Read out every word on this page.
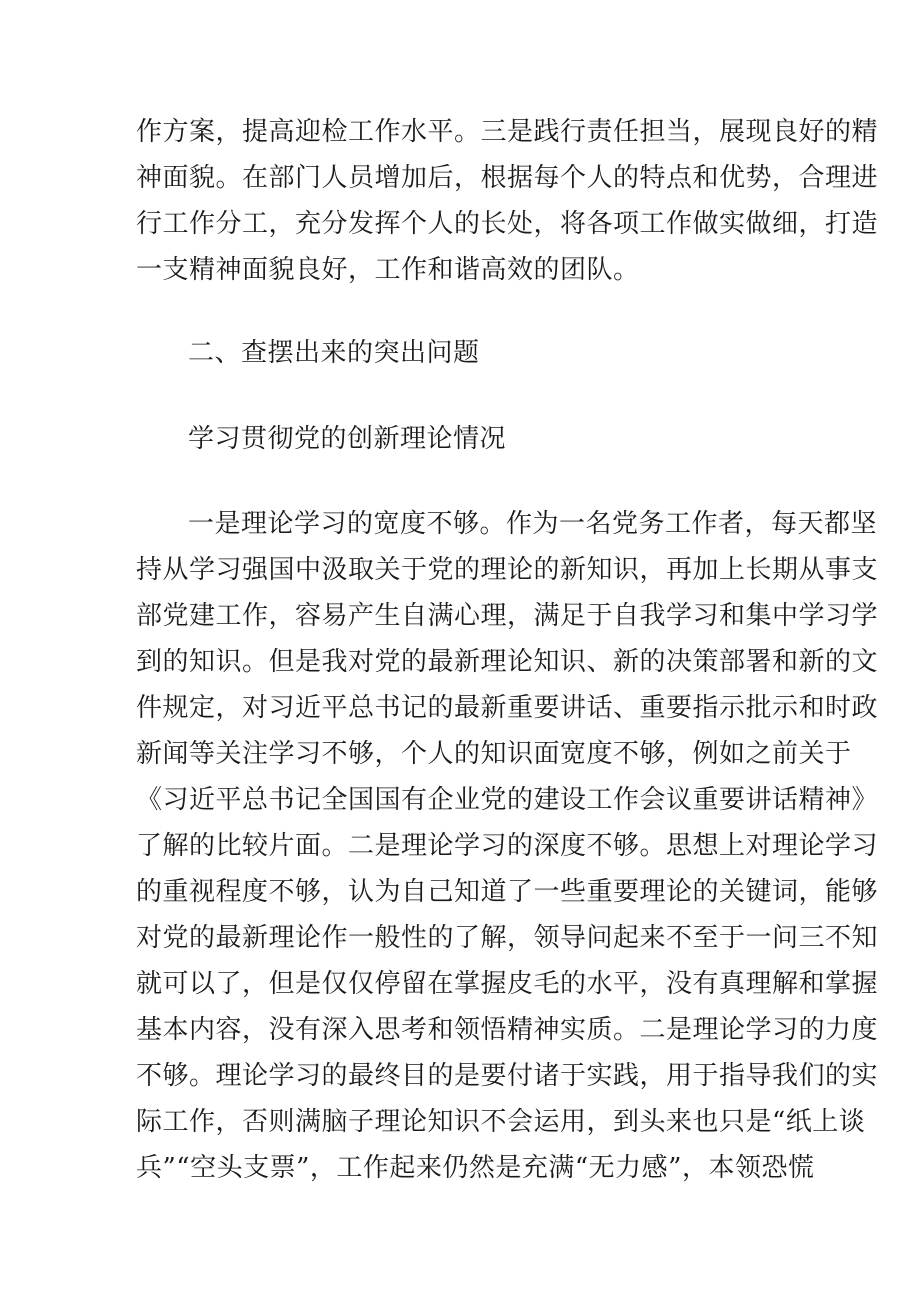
作方案，提高迎检工作水平。三是践行责任担当，展现良好的精
神面貌。在部门人员增加后，根据每个人的特点和优势，合理进
行工作分工，充分发挥个人的长处，将各项工作做实做细，打造
一支精神面貌良好，工作和谐高效的团队。
二、查摆出来的突出问题
学习贯彻党的创新理论情况
一是理论学习的宽度不够。作为一名党务工作者，每天都坚
持从学习强国中汲取关于党的理论的新知识，再加上长期从事支
部党建工作，容易产生自满心理，满足于自我学习和集中学习学
到的知识。但是我对党的最新理论知识、新的决策部署和新的文
件规定，对习近平总书记的最新重要讲话、重要指示批示和时政
新闻等关注学习不够，个人的知识面宽度不够，例如之前关于
《习近平总书记全国国有企业党的建设工作会议重要讲话精神》
了解的比较片面。二是理论学习的深度不够。思想上对理论学习
的重视程度不够，认为自己知道了一些重要理论的关键词，能够
对党的最新理论作一般性的了解，领导问起来不至于一问三不知
就可以了，但是仅仅停留在掌握皮毛的水平，没有真理解和掌握
基本内容，没有深入思考和领悟精神实质。二是理论学习的力度
不够。理论学习的最终目的是要付诸于实践，用于指导我们的实
际工作，否则满脑子理论知识不会运用，到头来也只是“纸上谈
兵”“空头支票”，工作起来仍然是充满“无力感”，本领恐慌
